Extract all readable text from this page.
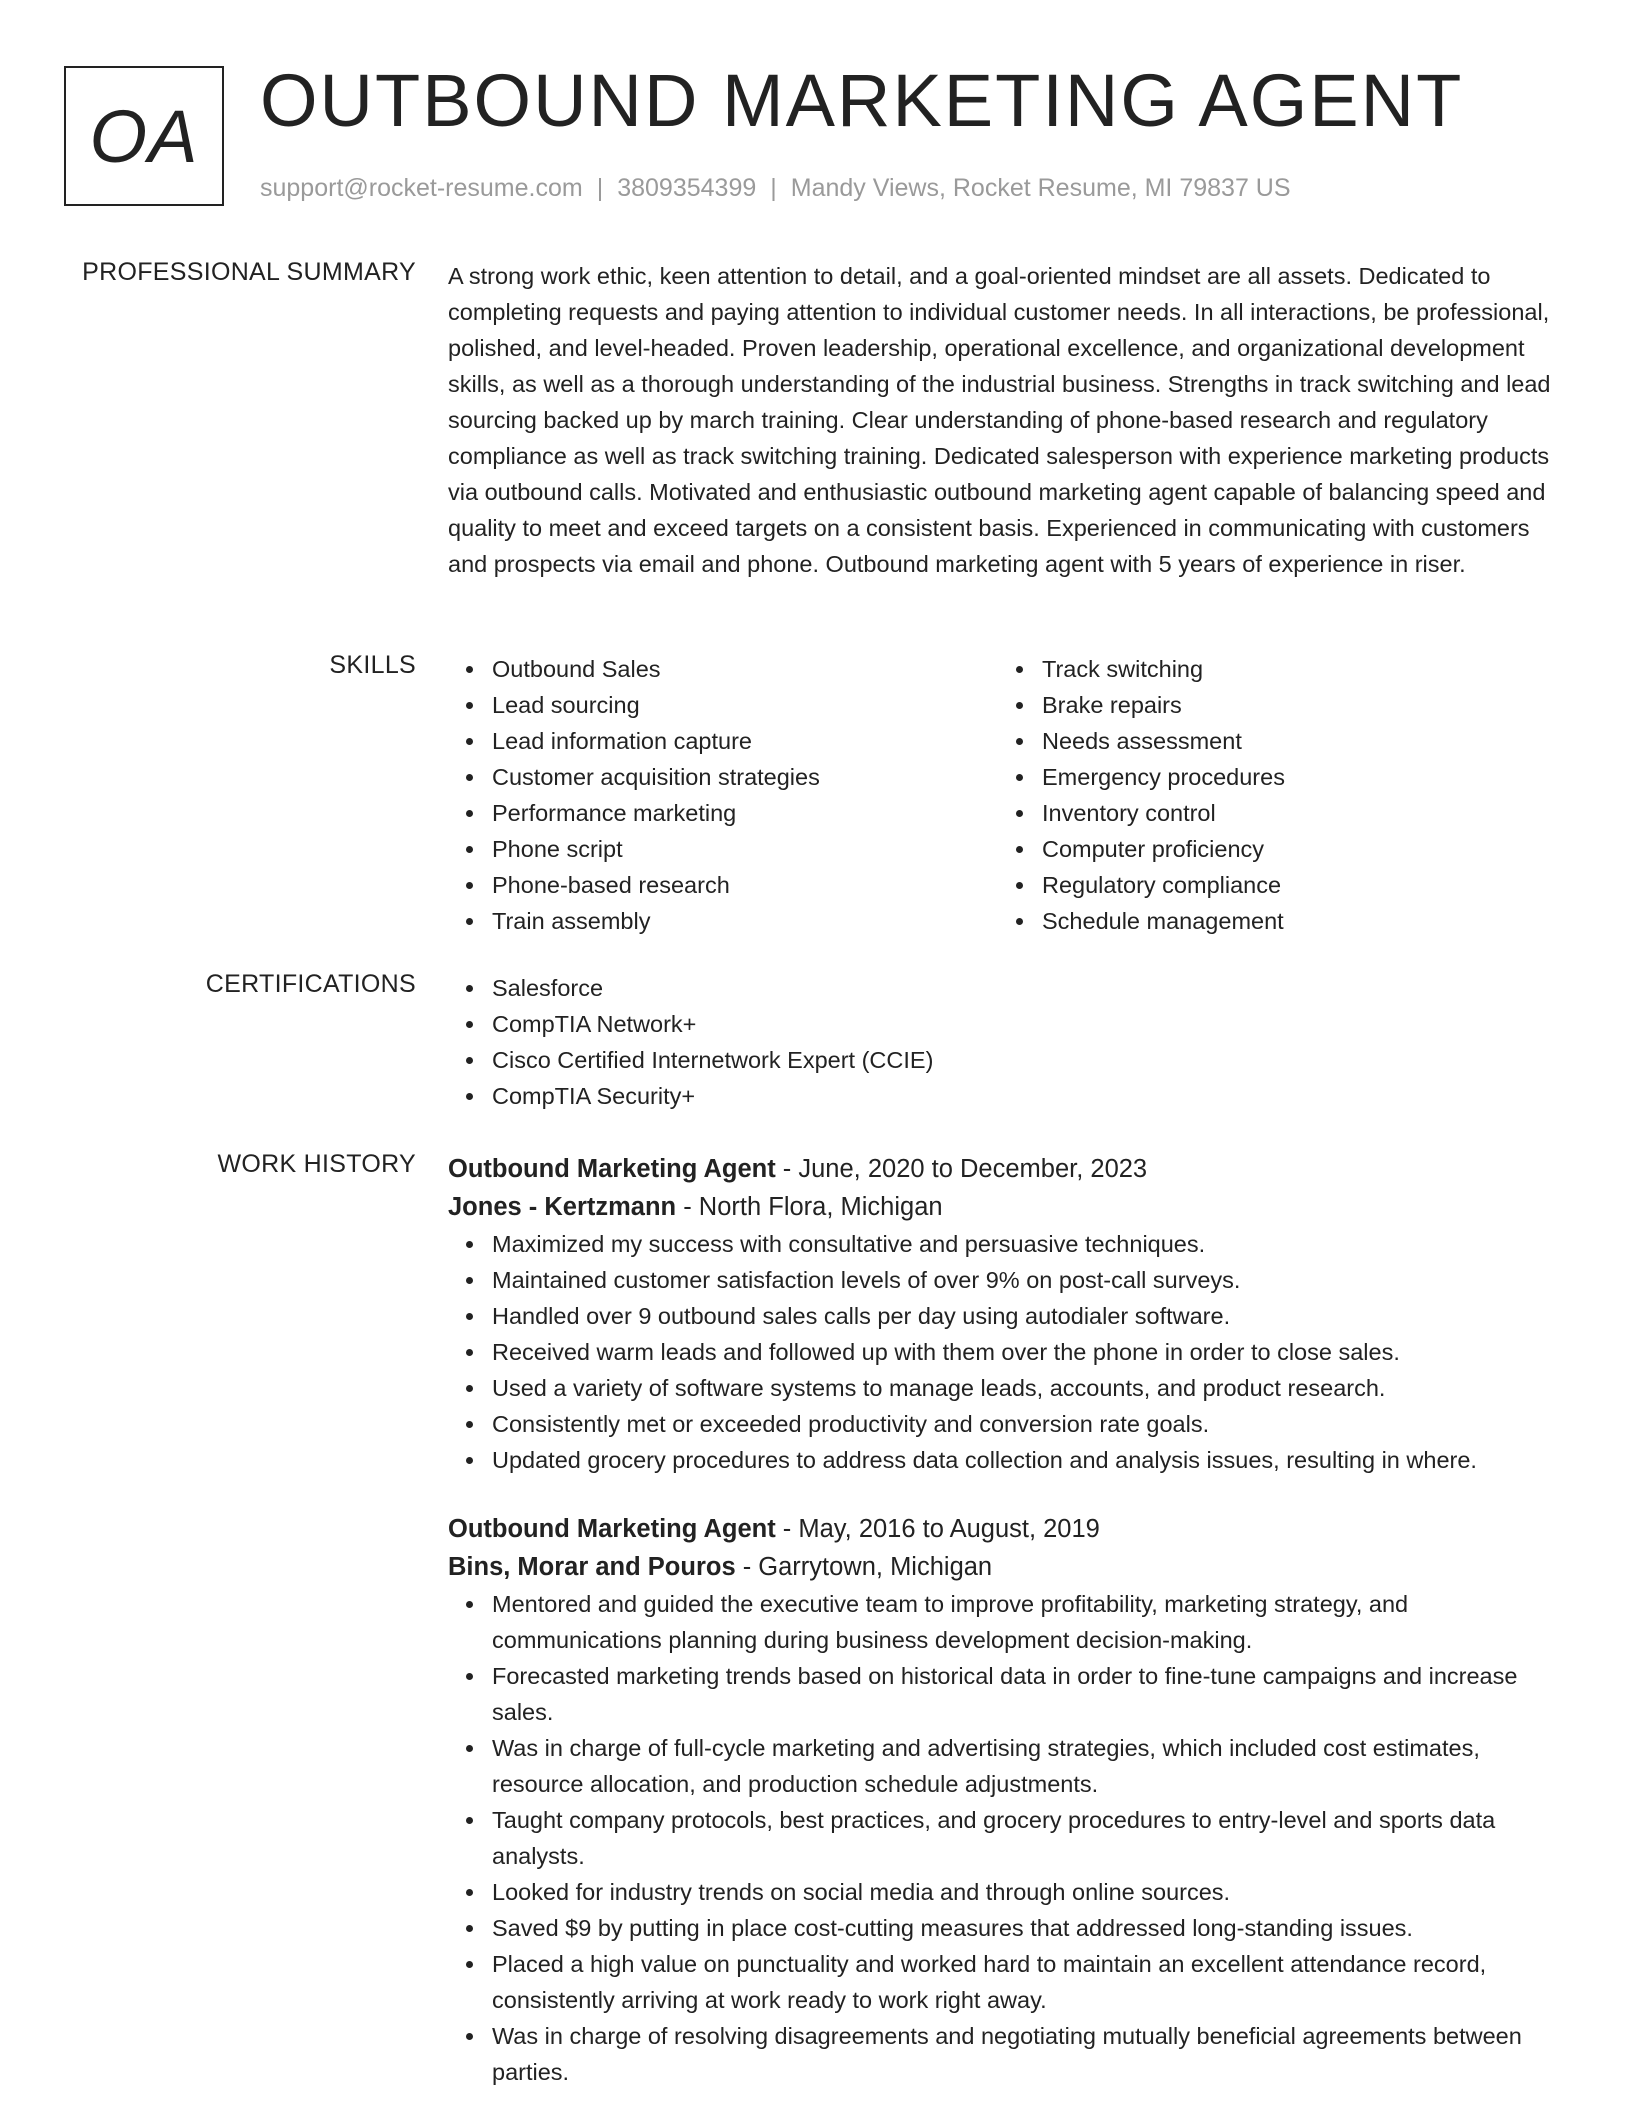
OA OUTBOUND MARKETING AGENT
support@rocket-resume.com | 3809354399 | Mandy Views, Rocket Resume, MI 79837 US
PROFESSIONAL SUMMARY A strong work ethic, keen attention to detail, and a goal-oriented mindset are all assets. Dedicated to completing requests and paying attention to individual customer needs. In all interactions, be professional, polished, and level-headed. Proven leadership, operational excellence, and organizational development skills, as well as a thorough understanding of the industrial business. Strengths in track switching and lead sourcing backed up by march training. Clear understanding of phone-based research and regulatory compliance as well as track switching training. Dedicated salesperson with experience marketing products via outbound calls. Motivated and enthusiastic outbound marketing agent capable of balancing speed and quality to meet and exceed targets on a consistent basis. Experienced in communicating with customers and prospects via email and phone. Outbound marketing agent with 5 years of experience in riser.

SKILLS	Outbound Sales
Lead sourcing
Lead information capture
Customer acquisition strategies
Performance marketing
Phone script
Phone-based research
Train assembly
Track switching
Brake repairs
Needs assessment
Emergency procedures
Inventory control
Computer proficiency
Regulatory compliance
Schedule management
CERTIFICATIONS	Salesforce
CompTIA Network+
Cisco Certified Internetwork Expert (CCIE)
CompTIA Security+
WORK HISTORY Outbound Marketing Agent - June, 2020 to December, 2023
Jones - Kertzmann - North Flora, Michigan
Maximized my success with consultative and persuasive techniques.
Maintained customer satisfaction levels of over 9% on post-call surveys.
Handled over 9 outbound sales calls per day using autodialer software.
Received warm leads and followed up with them over the phone in order to close sales.
Used a variety of software systems to manage leads, accounts, and product research.
Consistently met or exceeded productivity and conversion rate goals.
Updated grocery procedures to address data collection and analysis issues, resulting in where.
Outbound Marketing Agent - May, 2016 to August, 2019
Bins, Morar and Pouros - Garrytown, Michigan
Mentored and guided the executive team to improve profitability, marketing strategy, and communications planning during business development decision-making.
Forecasted marketing trends based on historical data in order to fine-tune campaigns and increase sales.
Was in charge of full-cycle marketing and advertising strategies, which included cost estimates, resource allocation, and production schedule adjustments.
Taught company protocols, best practices, and grocery procedures to entry-level and sports data analysts.
Looked for industry trends on social media and through online sources.
Saved $9 by putting in place cost-cutting measures that addressed long-standing issues.
Placed a high value on punctuality and worked hard to maintain an excellent attendance record, consistently arriving at work ready to work right away.
Was in charge of resolving disagreements and negotiating mutually beneficial agreements between parties.
